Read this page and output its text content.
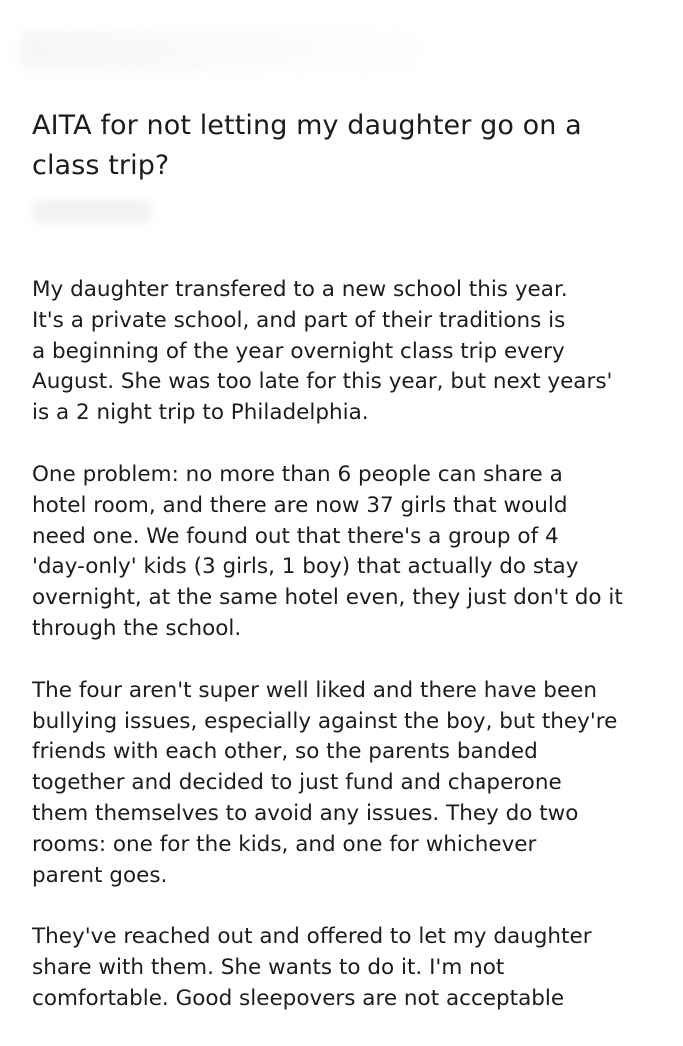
AITA for not letting my daughter go on a
class trip?

My daughter transfered to a new school this year.
It's a private school, and part of their traditions is
a beginning of the year overnight class trip every
August. She was too late for this year, but next years'
is a 2 night trip to Philadelphia.

One problem: no more than 6 people can share a
hotel room, and there are now 37 girls that would
need one. We found out that there's a group of 4
'day-only' kids (3 girls, 1 boy) that actually do stay
overnight, at the same hotel even, they just don't do it
through the school.

The four aren't super well liked and there have been
bullying issues, especially against the boy, but they're
friends with each other, so the parents banded
together and decided to just fund and chaperone
them themselves to avoid any issues. They do two
rooms: one for the kids, and one for whichever
parent goes.

They've reached out and offered to let my daughter
share with them. She wants to do it. I'm not
comfortable. Good sleepovers are not acceptable
